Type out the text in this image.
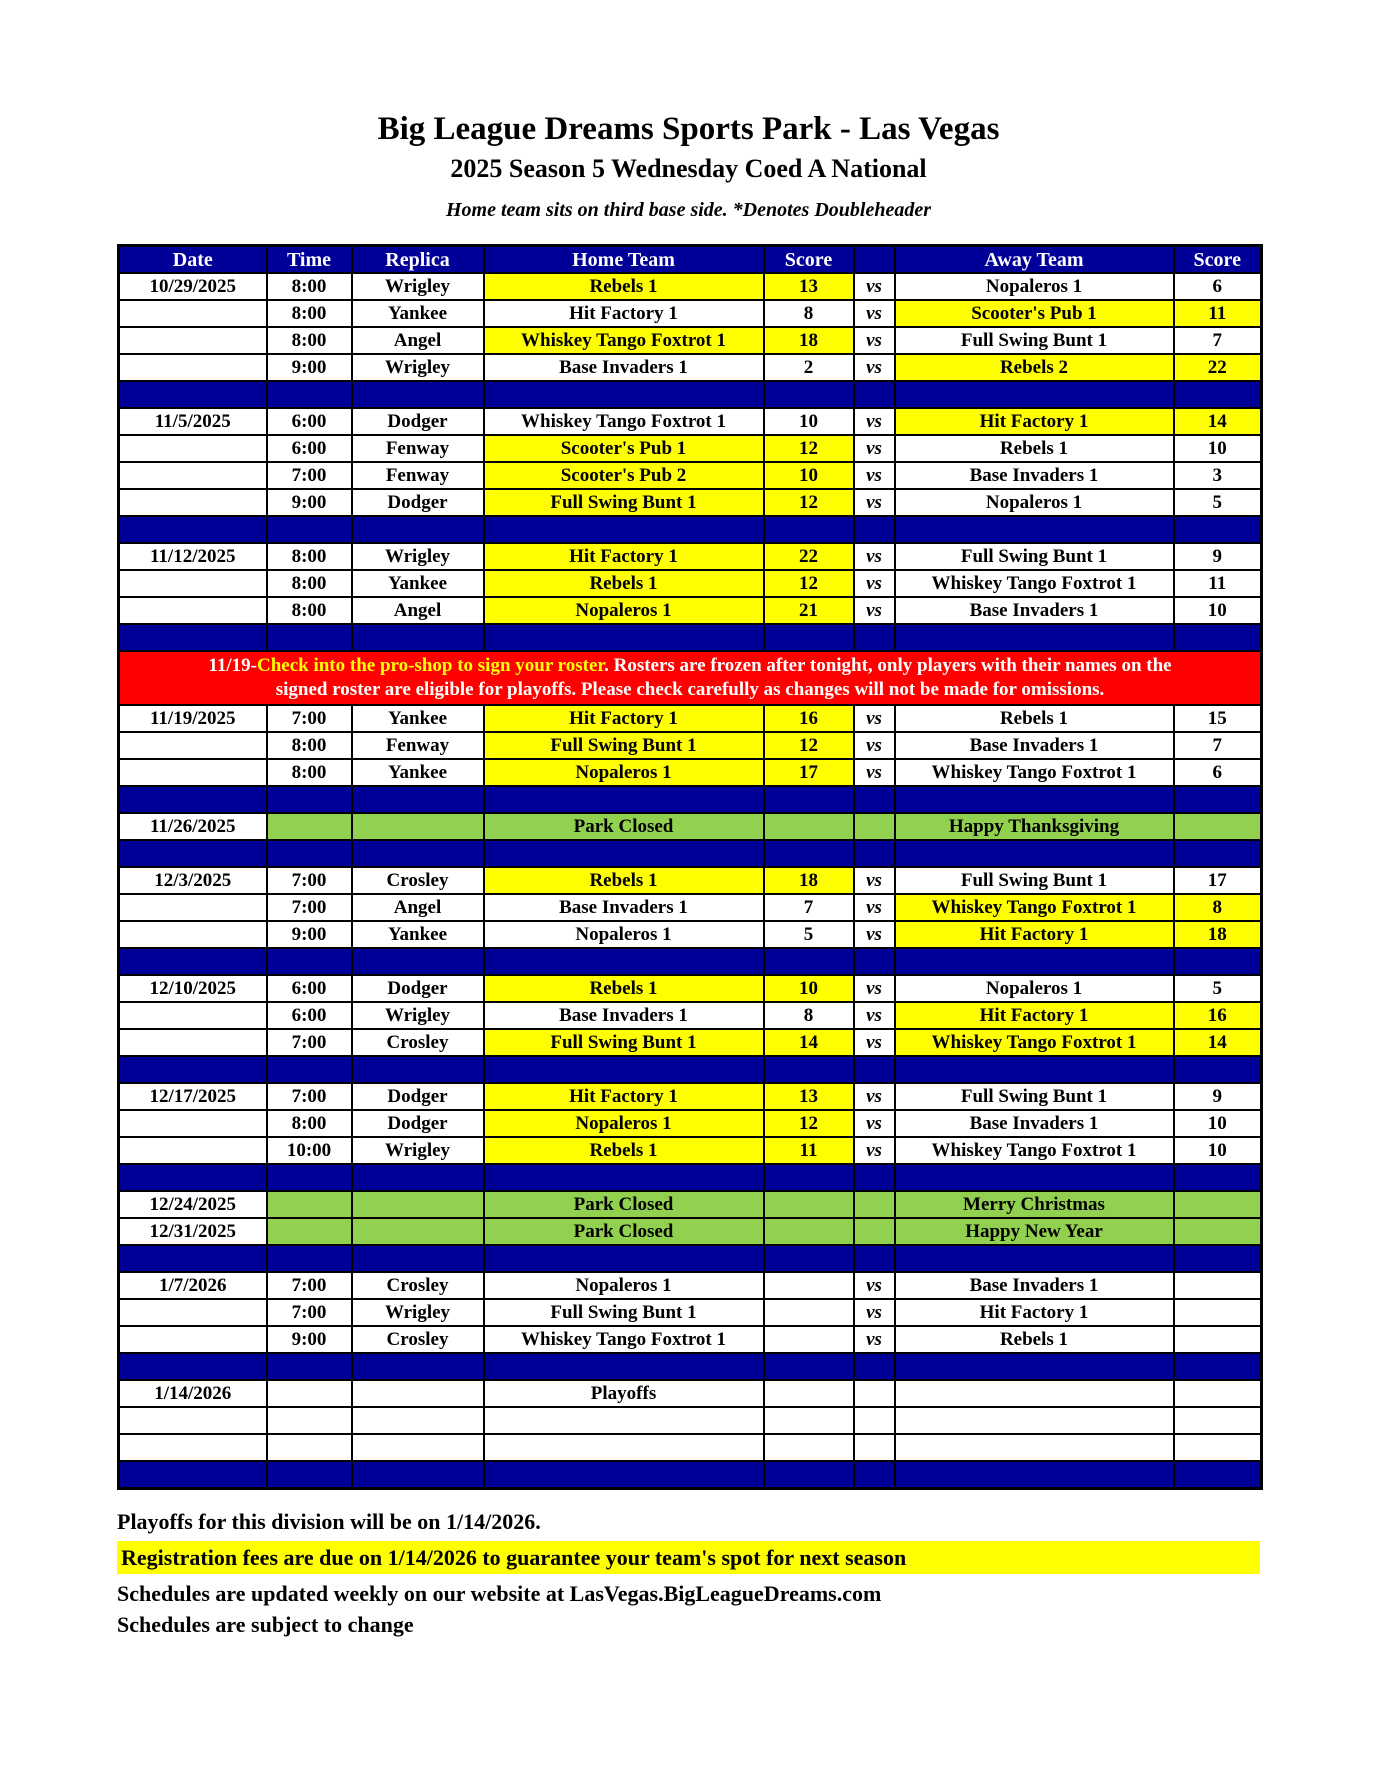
Big League Dreams Sports Park - Las Vegas
2025 Season 5 Wednesday Coed A National
Home team sits on third base side. *Denotes Doubleheader
Date	Time	Replica	Home Team	Score		Away Team	Score
10/29/2025	8:00	Wrigley	Rebels 1	13	vs	Nopaleros 1	6
	8:00	Yankee	Hit Factory 1	8	vs	Scooter's Pub 1	11
	8:00	Angel	Whiskey Tango Foxtrot 1	18	vs	Full Swing Bunt 1	7
	9:00	Wrigley	Base Invaders 1	2	vs	Rebels 2	22

11/5/2025	6:00	Dodger	Whiskey Tango Foxtrot 1	10	vs	Hit Factory 1	14
	6:00	Fenway	Scooter's Pub 1	12	vs	Rebels 1	10
	7:00	Fenway	Scooter's Pub 2	10	vs	Base Invaders 1	3
	9:00	Dodger	Full Swing Bunt 1	12	vs	Nopaleros 1	5

11/12/2025	8:00	Wrigley	Hit Factory 1	22	vs	Full Swing Bunt 1	9
	8:00	Yankee	Rebels 1	12	vs	Whiskey Tango Foxtrot 1	11
	8:00	Angel	Nopaleros 1	21	vs	Base Invaders 1	10

11/19-Check into the pro-shop to sign your roster. Rosters are frozen after tonight, only players with their names on the
signed roster are eligible for playoffs. Please check carefully as changes will not be made for omissions.							
11/19/2025	7:00	Yankee	Hit Factory 1	16	vs	Rebels 1	15
	8:00	Fenway	Full Swing Bunt 1	12	vs	Base Invaders 1	7
	8:00	Yankee	Nopaleros 1	17	vs	Whiskey Tango Foxtrot 1	6

11/26/2025			Park Closed			Happy Thanksgiving	

12/3/2025	7:00	Crosley	Rebels 1	18	vs	Full Swing Bunt 1	17
	7:00	Angel	Base Invaders 1	7	vs	Whiskey Tango Foxtrot 1	8
	9:00	Yankee	Nopaleros 1	5	vs	Hit Factory 1	18

12/10/2025	6:00	Dodger	Rebels 1	10	vs	Nopaleros 1	5
	6:00	Wrigley	Base Invaders 1	8	vs	Hit Factory 1	16
	7:00	Crosley	Full Swing Bunt 1	14	vs	Whiskey Tango Foxtrot 1	14

12/17/2025	7:00	Dodger	Hit Factory 1	13	vs	Full Swing Bunt 1	9
	8:00	Dodger	Nopaleros 1	12	vs	Base Invaders 1	10
	10:00	Wrigley	Rebels 1	11	vs	Whiskey Tango Foxtrot 1	10

12/24/2025			Park Closed			Merry Christmas	
12/31/2025			Park Closed			Happy New Year	

1/7/2026	7:00	Crosley	Nopaleros 1		vs	Base Invaders 1	
	7:00	Wrigley	Full Swing Bunt 1		vs	Hit Factory 1	
	9:00	Crosley	Whiskey Tango Foxtrot 1		vs	Rebels 1	

1/14/2026			Playoffs				

Playoffs for this division will be on 1/14/2026.
Registration fees are due on 1/14/2026 to guarantee your team's spot for next season
Schedules are updated weekly on our website at LasVegas.BigLeagueDreams.com
Schedules are subject to change
